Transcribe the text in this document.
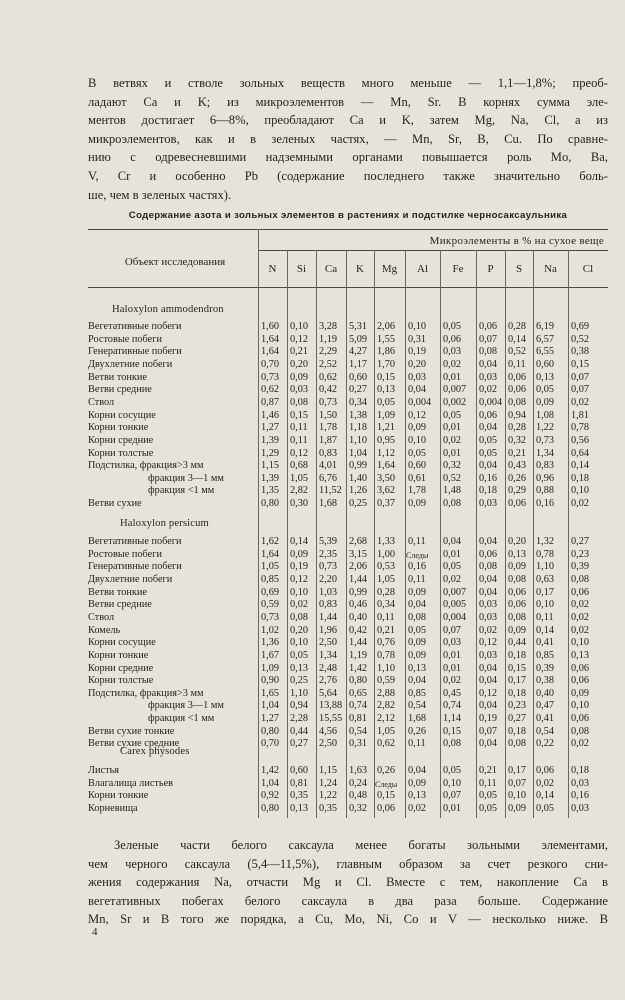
В ветвях и стволе зольных веществ много меньше — 1,1—1,8%; преоб-
ладают Ca и K; из микроэлементов — Mn, Sr. В корнях сумма эле-
ментов достигает 6—8%, преобладают Ca и K, затем Mg, Na, Cl, а из
микроэлементов, как и в зеленых частях, — Mn, Sr, B, Cu. По сравне-
нию с одревесневшими надземными органами повышается роль Mo, Ba,
V, Cr и особенно Pb (содержание последнего также значительно боль-
ше, чем в зеленых частях).
Содержание азота и зольных элементов в растениях и подстилке черносаксаульника
Объект исследования
Микроэлементы в % на сухое веще
N	Si	Ca	K	Mg	Al	Fe	P	S	Na	Cl
Haloxylon ammodendron
Вегетативные побеги	1,60 0,10 3,28 5,31 2,06 0,10 0,05 0,06 0,28 6,19 0,69
Ростовые побеги	1,64 0,12 1,19 5,09 1,55 0,31 0,06 0,07 0,14 6,57 0,52
Генеративные побеги	1,64 0,21 2,29 4,27 1,86 0,19 0,03 0,08 0,52 6,55 0,38
Двухлетние побеги	0,70 0,20 2,52 1,17 1,70 0,20 0,02 0,04 0,11 0,60 0,15
Ветви тонкие	0,73 0,09 0,62 0,60 0,15 0,03 0,01 0,03 0,06 0,13 0,07
Ветви средние	0,62 0,03 0,42 0,27 0,13 0,04 0,007 0,02 0,06 0,05 0,07
Ствол	0,87 0,08 0,73 0,34 0,05 0,004 0,002 0,004 0,08 0,09 0,02
Корни сосущие	1,46 0,15 1,50 1,38 1,09 0,12 0,05 0,06 0,94 1,08 1,81
Корни тонкие	1,27 0,11 1,78 1,18 1,21 0,09 0,01 0,04 0,28 1,22 0,78
Корни средние	1,39 0,11 1,87 1,10 0,95 0,10 0,02 0,05 0,32 0,73 0,56
Корни толстые	1,29 0,12 0,83 1,04 1,12 0,05 0,01 0,05 0,21 1,34 0,64
Подстилка, фракция>3 мм	1,15 0,68 4,01 0,99 1,64 0,60 0,32 0,04 0,43 0,83 0,14
фракция 3—1 мм	1,39 1,05 6,76 1,40 3,50 0,61 0,52 0,16 0,26 0,96 0,18
фракция <1 мм	1,35 2,82 11,52 1,26 3,62 1,78 1,48 0,18 0,29 0,88 0,10
Ветви сухие	0,80 0,30 1,68 0,25 0,37 0,09 0,08 0,03 0,06 0,16 0,02
Haloxylon persicum
Вегетативные побеги	1,62 0,14 5,39 2,68 1,33 0,11 0,04 0,04 0,20 1,32 0,27
Ростовые побеги	1,64 0,09 2,35 3,15 1,00 Следы 0,01 0,06 0,13 0,78 0,23
Генеративные побеги	1,05 0,19 0,73 2,06 0,53 0,16 0,05 0,08 0,09 1,10 0,39
Двухлетние побеги	0,85 0,12 2,20 1,44 1,05 0,11 0,02 0,04 0,08 0,63 0,08
Ветви тонкие	0,69 0,10 1,03 0,99 0,28 0,09 0,007 0,04 0,06 0,17 0,06
Ветви средние	0,59 0,02 0,83 0,46 0,34 0,04 0,005 0,03 0,06 0,10 0,02
Ствол	0,73 0,08 1,44 0,40 0,11 0,08 0,004 0,03 0,08 0,11 0,02
Комель	1,02 0,20 1,96 0,42 0,21 0,05 0,07 0,02 0,09 0,14 0,02
Корни сосущие	1,36 0,10 2,50 1,44 0,76 0,09 0,03 0,12 0,44 0,41 0,10
Корни тонкие	1,67 0,05 1,34 1,19 0,78 0,09 0,01 0,03 0,18 0,85 0,13
Корни средние	1,09 0,13 2,48 1,42 1,10 0,13 0,01 0,04 0,15 0,39 0,06
Корни толстые	0,90 0,25 2,76 0,80 0,59 0,04 0,02 0,04 0,17 0,38 0,06
Подстилка, фракция>3 мм	1,65 1,10 5,64 0,65 2,88 0,85 0,45 0,12 0,18 0,40 0,09
фракция 3—1 мм	1,04 0,94 13,88 0,74 2,82 0,54 0,74 0,04 0,23 0,47 0,10
фракция <1 мм	1,27 2,28 15,55 0,81 2,12 1,68 1,14 0,19 0,27 0,41 0,06
Ветви сухие тонкие	0,80 0,44 4,56 0,54 1,05 0,26 0,15 0,07 0,18 0,54 0,08
Ветви сухие средние	0,70 0,27 2,50 0,31 0,62 0,11 0,08 0,04 0,08 0,22 0,02
Carex physodes
Листья	1,42 0,60 1,15 1,63 0,26 0,04 0,05 0,21 0,17 0,06 0,18
Влагалища листьев	1,04 0,81 1,24 0,24 Следы 0,09 0,10 0,11 0,07 0,02 0,03
Корни тонкие	0,92 0,35 1,22 0,48 0,15 0,13 0,07 0,05 0,10 0,14 0,16
Корневища	0,80 0,13 0,35 0,32 0,06 0,02 0,01 0,05 0,09 0,05 0,03
Зеленые части белого саксаула менее богаты зольными элементами,
чем черного саксаула (5,4—11,5%), главным образом за счет резкого сни-
жения содержания Na, отчасти Mg и Cl. Вместе с тем, накопление Ca в
вегетативных побегах белого саксаула в два раза больше. Содержание
Mn, Sr и B того же порядка, а Cu, Mo, Ni, Co и V — несколько ниже. В
4
